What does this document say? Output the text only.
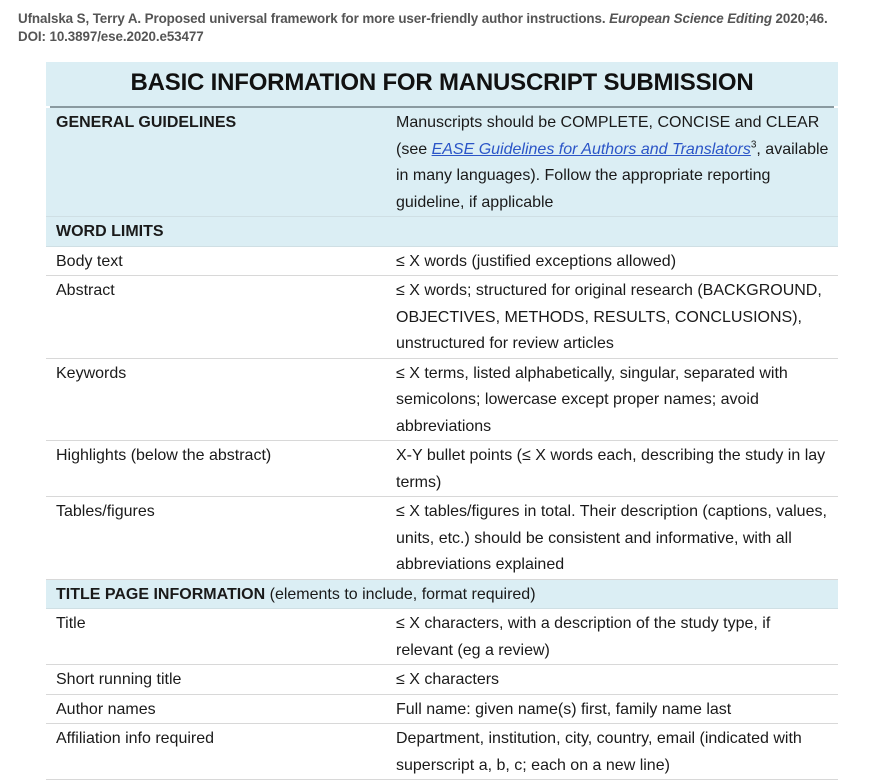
Ufnalska S, Terry A. Proposed universal framework for more user-friendly author instructions. European Science Editing 2020;46.
DOI: 10.3897/ese.2020.e53477
BASIC INFORMATION FOR MANUSCRIPT SUBMISSION
GENERAL GUIDELINES	Manuscripts should be COMPLETE, CONCISE and CLEAR (see EASE Guidelines for Authors and Translators$^3$, available in many languages). Follow the appropriate reporting guideline, if applicable
WORD LIMITS
Body text	≤ X words (justified exceptions allowed)
Abstract	≤ X words; structured for original research (BACKGROUND, OBJECTIVES, METHODS, RESULTS, CONCLUSIONS), unstructured for review articles
Keywords	≤ X terms, listed alphabetically, singular, separated with semicolons; lowercase except proper names; avoid abbreviations
Highlights (below the abstract)	X-Y bullet points (≤ X words each, describing the study in lay terms)
Tables/figures	≤ X tables/figures in total. Their description (captions, values, units, etc.) should be consistent and informative, with all abbreviations explained
TITLE PAGE INFORMATION (elements to include, format required)
Title	≤ X characters, with a description of the study type, if relevant (eg a review)
Short running title	≤ X characters
Author names	Full name: given name(s) first, family name last
Affiliation info required	Department, institution, city, country, email (indicated with superscript a, b, c; each on a new line)
